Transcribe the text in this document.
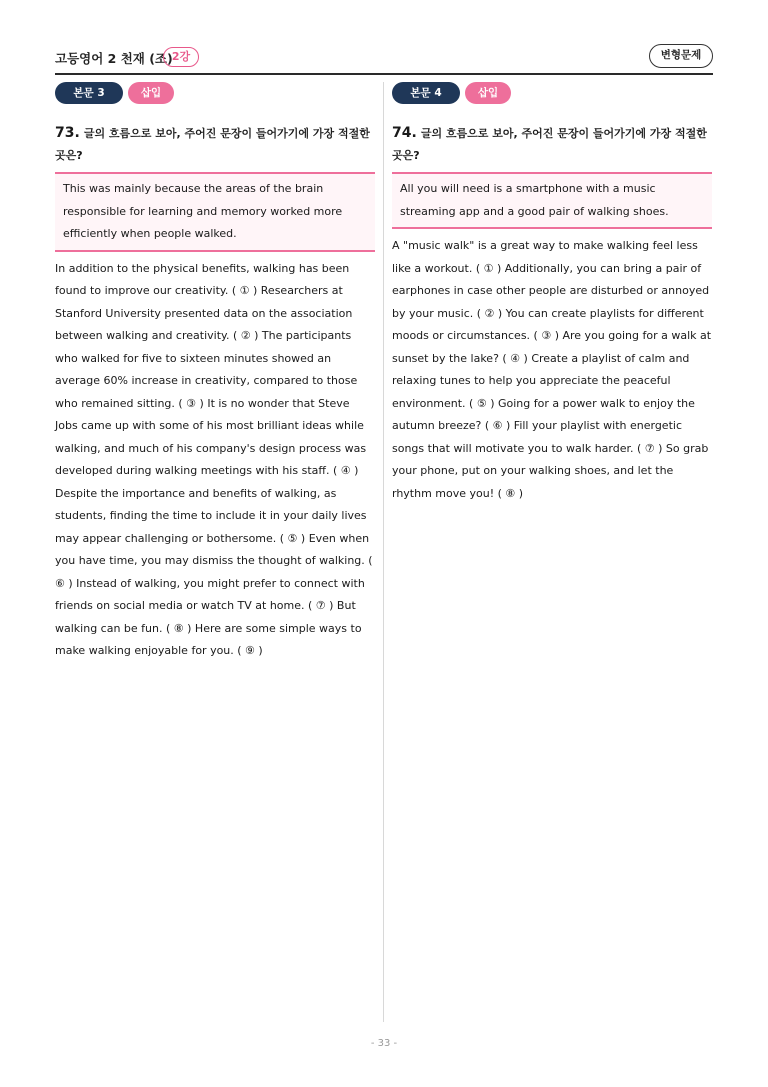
고등영어 2 천재 (조) 2강	변형문제
본문 3	삽입
73. 글의 흐름으로 보아, 주어진 문장이 들어가기에 가장 적절한 곳은?
This was mainly because the areas of the brain responsible for learning and memory worked more efficiently when people walked.
In addition to the physical benefits, walking has been found to improve our creativity. ( ① ) Researchers at Stanford University presented data on the association between walking and creativity. ( ② ) The participants who walked for five to sixteen minutes showed an average 60% increase in creativity, compared to those who remained sitting. ( ③ ) It is no wonder that Steve Jobs came up with some of his most brilliant ideas while walking, and much of his company's design process was developed during walking meetings with his staff. ( ④ ) Despite the importance and benefits of walking, as students, finding the time to include it in your daily lives may appear challenging or bothersome. ( ⑤ ) Even when you have time, you may dismiss the thought of walking. ( ⑥ ) Instead of walking, you might prefer to connect with friends on social media or watch TV at home. ( ⑦ ) But walking can be fun. ( ⑧ ) Here are some simple ways to make walking enjoyable for you. ( ⑨ )
본문 4	삽입
74. 글의 흐름으로 보아, 주어진 문장이 들어가기에 가장 적절한 곳은?
All you will need is a smartphone with a music streaming app and a good pair of walking shoes.
A "music walk" is a great way to make walking feel less like a workout. ( ① ) Additionally, you can bring a pair of earphones in case other people are disturbed or annoyed by your music. ( ② ) You can create playlists for different moods or circumstances. ( ③ ) Are you going for a walk at sunset by the lake? ( ④ ) Create a playlist of calm and relaxing tunes to help you appreciate the peaceful environment. ( ⑤ ) Going for a power walk to enjoy the autumn breeze? ( ⑥ ) Fill your playlist with energetic songs that will motivate you to walk harder. ( ⑦ ) So grab your phone, put on your walking shoes, and let the rhythm move you! ( ⑧ )
- 33 -
